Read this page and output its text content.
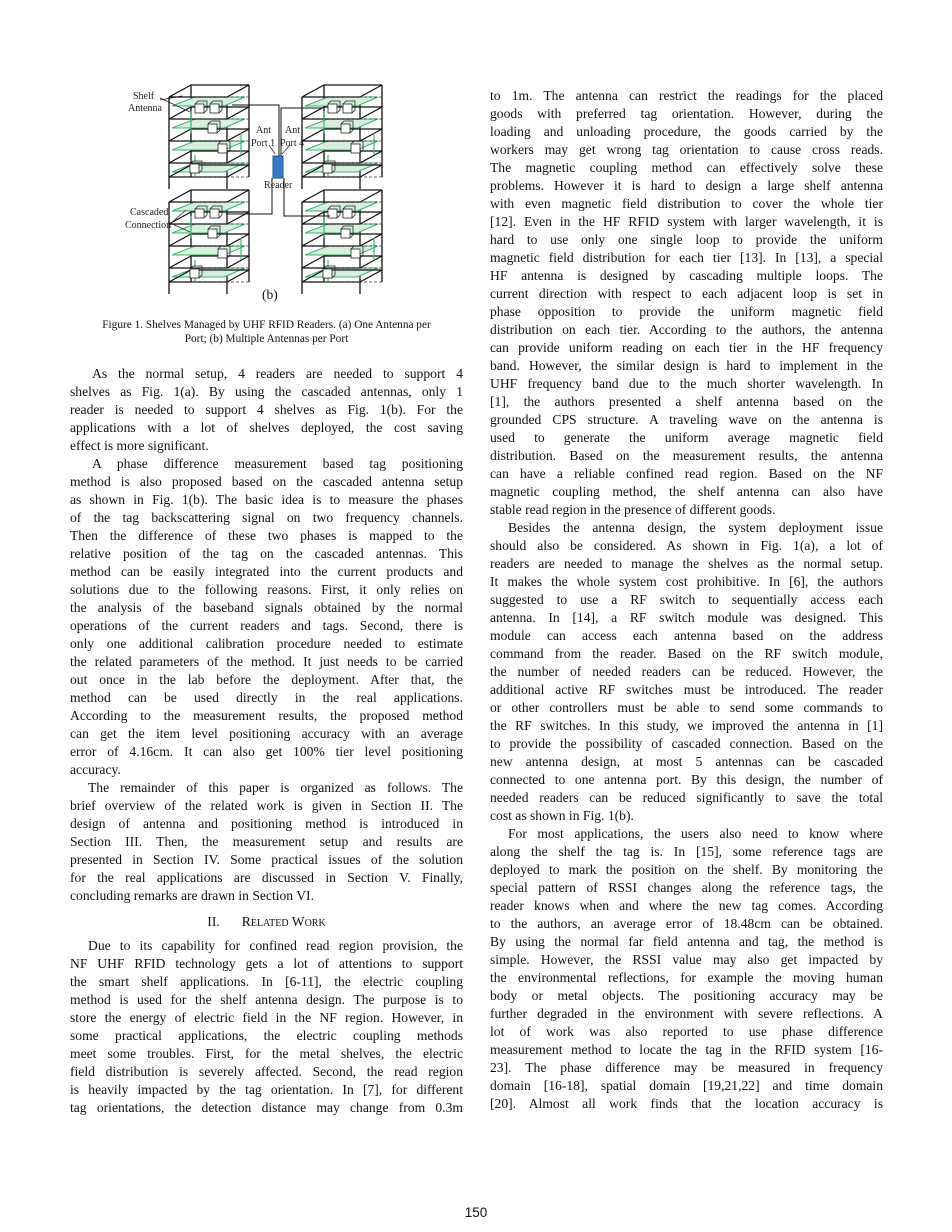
Shelf
Antenna
Ant
Port 1
Ant
Port 4
Reader
Cascaded
Connection
(b)
Figure 1. Shelves Managed by UHF RFID Readers. (a) One Antenna per
Port; (b) Multiple Antennas per Port
As the normal setup, 4 readers are needed to support 4
shelves as Fig. 1(a). By using the cascaded antennas, only 1
reader is needed to support 4 shelves as Fig. 1(b). For the
applications with a lot of shelves deployed, the cost saving
effect is more significant.
A phase difference measurement based tag positioning
method is also proposed based on the cascaded antenna setup
as shown in Fig. 1(b). The basic idea is to measure the phases
of the tag backscattering signal on two frequency channels.
Then the difference of these two phases is mapped to the
relative position of the tag on the cascaded antennas. This
method can be easily integrated into the current products and
solutions due to the following reasons. First, it only relies on
the analysis of the baseband signals obtained by the normal
operations of the current readers and tags. Second, there is
only one additional calibration procedure needed to estimate
the related parameters of the method. It just needs to be carried
out once in the lab before the deployment. After that, the
method can be used directly in the real applications.
According to the measurement results, the proposed method
can get the item level positioning accuracy with an average
error of 4.16cm. It can also get 100% tier level positioning
accuracy.
The remainder of this paper is organized as follows. The
brief overview of the related work is given in Section II. The
design of antenna and positioning method is introduced in
Section III. Then, the measurement setup and results are
presented in Section IV. Some practical issues of the solution
for the real applications are discussed in Section V. Finally,
concluding remarks are drawn in Section VI.
II. Related Work
Due to its capability for confined read region provision, the
NF UHF RFID technology gets a lot of attentions to support
the smart shelf applications. In [6-11], the electric coupling
method is used for the shelf antenna design. The purpose is to
store the energy of electric field in the NF region. However, in
some practical applications, the electric coupling methods
meet some troubles. First, for the metal shelves, the electric
field distribution is severely affected. Second, the read region
is heavily impacted by the tag orientation. In [7], for different
tag orientations, the detection distance may change from 0.3m
to 1m. The antenna can restrict the readings for the placed
goods with preferred tag orientation. However, during the
loading and unloading procedure, the goods carried by the
workers may get wrong tag orientation to cause cross reads.
The magnetic coupling method can effectively solve these
problems. However it is hard to design a large shelf antenna
with even magnetic field distribution to cover the whole tier
[12]. Even in the HF RFID system with larger wavelength, it is
hard to use only one single loop to provide the uniform
magnetic field distribution for each tier [13]. In [13], a special
HF antenna is designed by cascading multiple loops. The
current direction with respect to each adjacent loop is set in
phase opposition to provide the uniform magnetic field
distribution on each tier. According to the authors, the antenna
can provide uniform reading on each tier in the HF frequency
band. However, the similar design is hard to implement in the
UHF frequency band due to the much shorter wavelength. In
[1], the authors presented a shelf antenna based on the
grounded CPS structure. A traveling wave on the antenna is
used to generate the uniform average magnetic field
distribution. Based on the measurement results, the antenna
can have a reliable confined read region. Based on the NF
magnetic coupling method, the shelf antenna can also have
stable read region in the presence of different goods.
Besides the antenna design, the system deployment issue
should also be considered. As shown in Fig. 1(a), a lot of
readers are needed to manage the shelves as the normal setup.
It makes the whole system cost prohibitive. In [6], the authors
suggested to use a RF switch to sequentially access each
antenna. In [14], a RF switch module was designed. This
module can access each antenna based on the address
command from the reader. Based on the RF switch module,
the number of needed readers can be reduced. However, the
additional active RF switches must be introduced. The reader
or other controllers must be able to send some commands to
the RF switches. In this study, we improved the antenna in [1]
to provide the possibility of cascaded connection. Based on the
new antenna design, at most 5 antennas can be cascaded
connected to one antenna port. By this design, the number of
needed readers can be reduced significantly to save the total
cost as shown in Fig. 1(b).
For most applications, the users also need to know where
along the shelf the tag is. In [15], some reference tags are
deployed to mark the position on the shelf. By monitoring the
special pattern of RSSI changes along the reference tags, the
reader knows when and where the new tag comes. According
to the authors, an average error of 18.48cm can be obtained.
By using the normal far field antenna and tag, the method is
simple. However, the RSSI value may also get impacted by
the environmental reflections, for example the moving human
body or metal objects. The positioning accuracy may be
further degraded in the environment with severe reflections. A
lot of work was also reported to use phase difference
measurement method to locate the tag in the RFID system [16-
23]. The phase difference may be measured in frequency
domain [16-18], spatial domain [19,21,22] and time domain
[20]. Almost all work finds that the location accuracy is
150
